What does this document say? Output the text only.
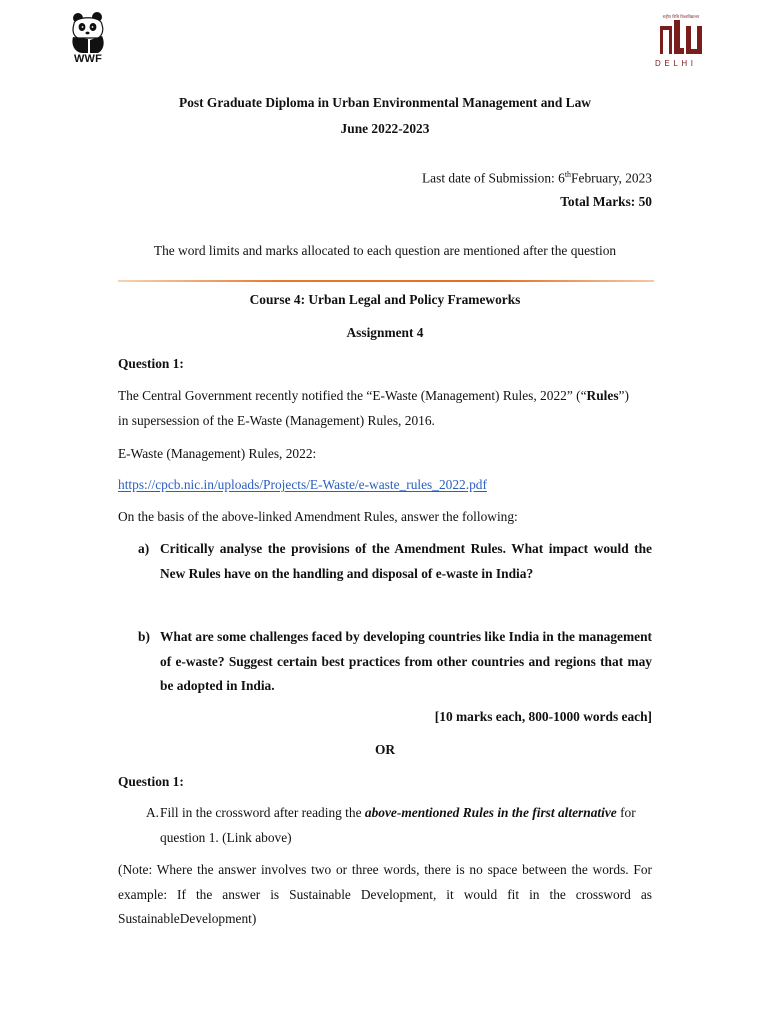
WWF
राष्ट्रीय विधि विश्वविद्यालय
DELHI
Post Graduate Diploma in Urban Environmental Management and Law
June 2022-2023
Last date of Submission: 6thFebruary, 2023
Total Marks: 50
The word limits and marks allocated to each question are mentioned after the question
Course 4: Urban Legal and Policy Frameworks
Assignment 4
Question 1:
The Central Government recently notified the “E-Waste (Management) Rules, 2022” (“Rules”)
in supersession of the E-Waste (Management) Rules, 2016.
E-Waste (Management) Rules, 2022:
https://cpcb.nic.in/uploads/Projects/E-Waste/e-waste_rules_2022.pdf
On the basis of the above-linked Amendment Rules, answer the following:
a) Critically analyse the provisions of the Amendment Rules. What impact would the New Rules have on the handling and disposal of e-waste in India?
b) What are some challenges faced by developing countries like India in the management of e-waste? Suggest certain best practices from other countries and regions that may be adopted in India.
[10 marks each, 800-1000 words each]
OR
Question 1:
A. Fill in the crossword after reading the above-mentioned Rules in the first alternative for question 1. (Link above)
(Note: Where the answer involves two or three words, there is no space between the words. For example: If the answer is Sustainable Development, it would fit in the crossword as SustainableDevelopment)
